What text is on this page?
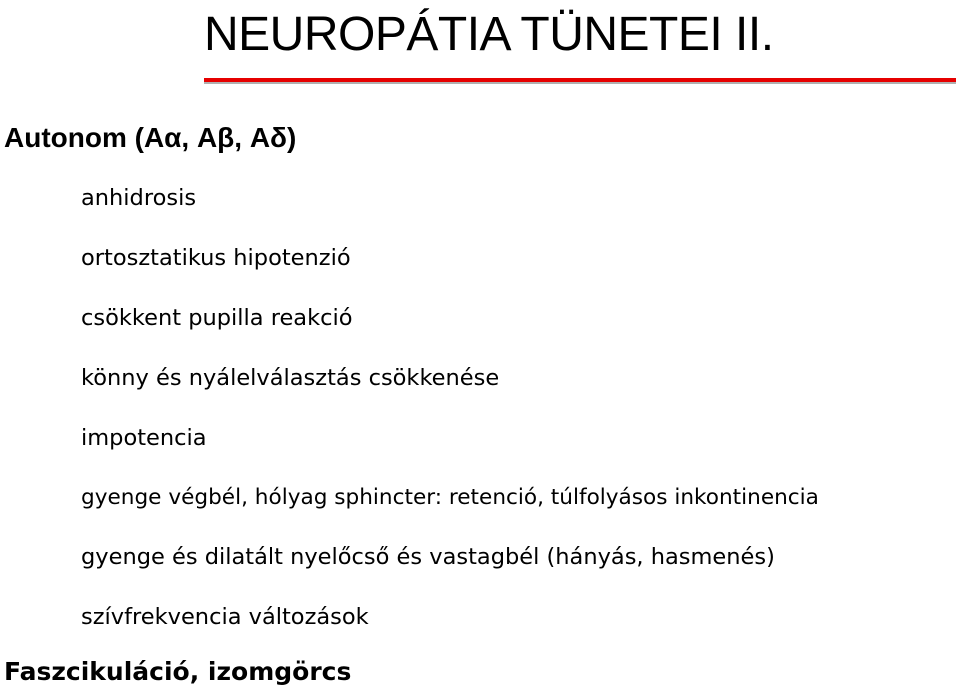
NEUROPÁTIA TÜNETEI II.
Autonom (Aα, Aβ, Aδ)
anhidrosis
ortosztatikus hipotenzió
csökkent pupilla reakció
könny és nyálelválasztás csökkenése
impotencia
gyenge végbél, hólyag sphincter: retenció, túlfolyásos inkontinencia
gyenge és dilatált nyelőcső és vastagbél (hányás, hasmenés)
szívfrekvencia változások
Faszcikuláció, izomgörcs
